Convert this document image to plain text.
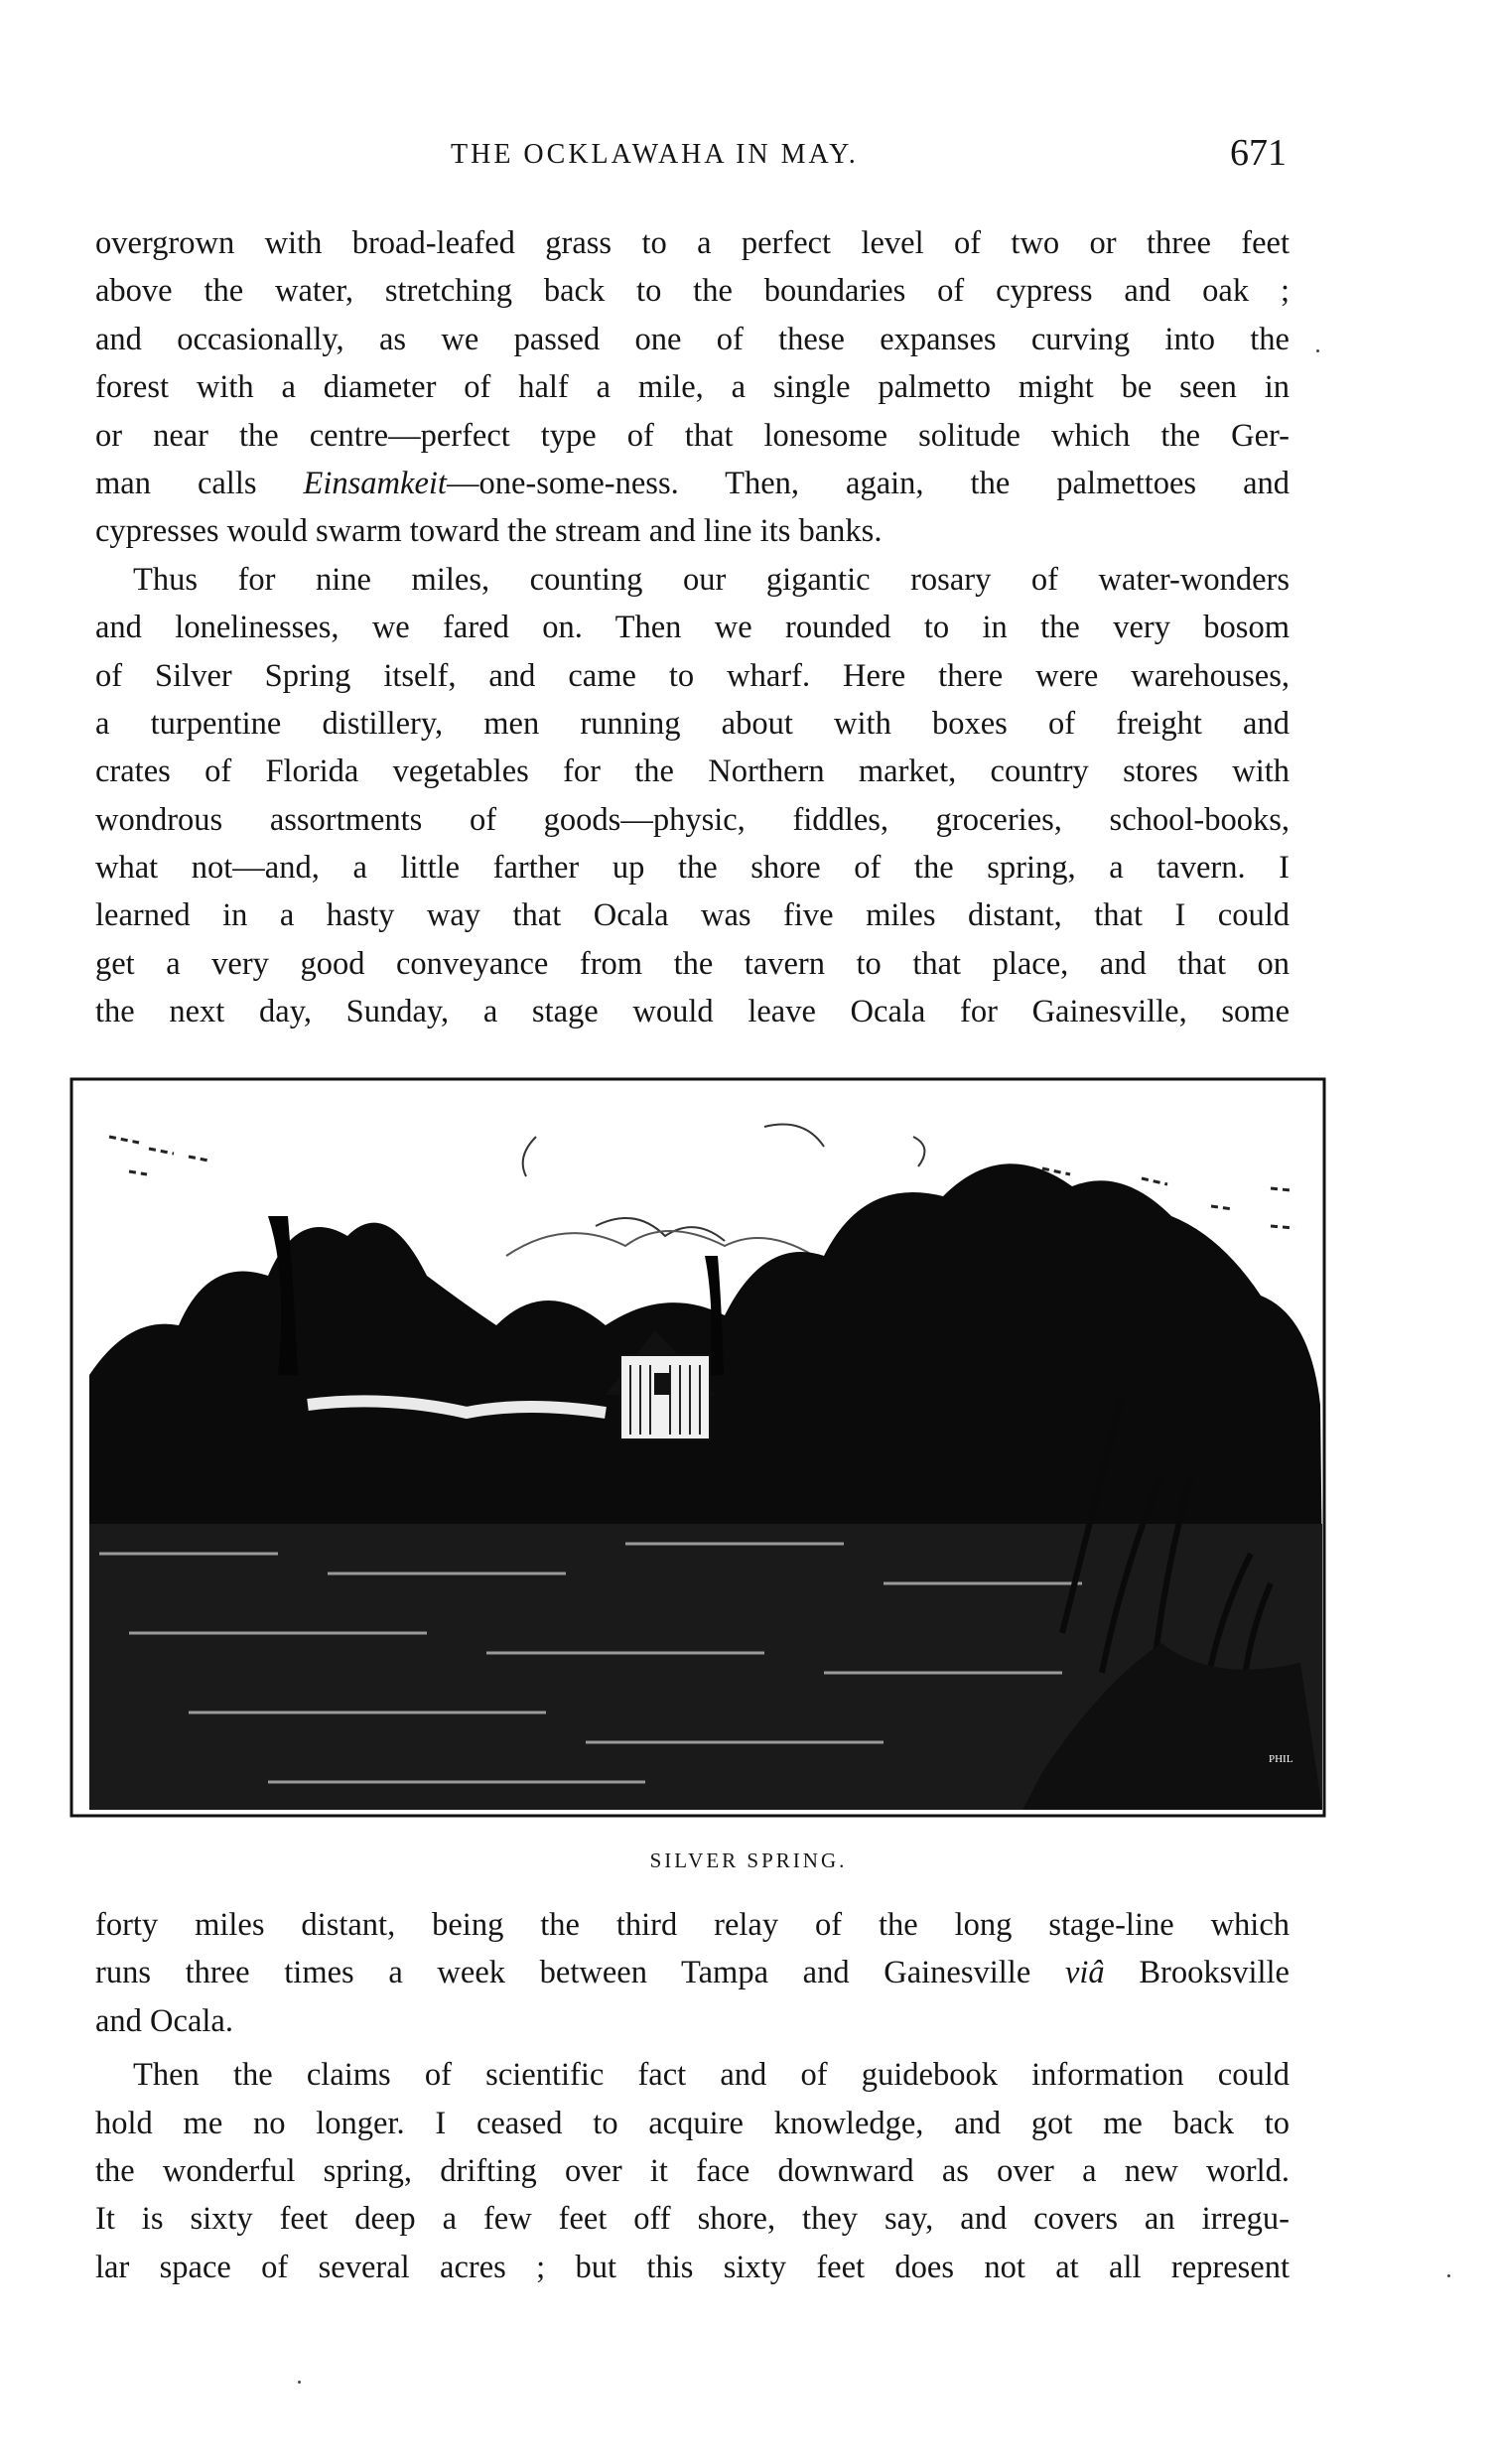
THE OCKLAWAHA IN MAY.	671
overgrown with broad-leafed grass to a perfect level of two or three feet
above the water, stretching back to the boundaries of cypress and oak ;
and occasionally, as we passed one of these expanses curving into the
forest with a diameter of half a mile, a single palmetto might be seen in
or near the centre—perfect type of that lonesome solitude which the Ger-
man calls Einsamkeit—one-some-ness. Then, again, the palmettoes and
cypresses would swarm toward the stream and line its banks.
Thus for nine miles, counting our gigantic rosary of water-wonders
and lonelinesses, we fared on. Then we rounded to in the very bosom
of Silver Spring itself, and came to wharf. Here there were warehouses,
a turpentine distillery, men running about with boxes of freight and
crates of Florida vegetables for the Northern market, country stores with
wondrous assortments of goods—physic, fiddles, groceries, school-books,
what not—and, a little farther up the shore of the spring, a tavern. I
learned in a hasty way that Ocala was five miles distant, that I could
get a very good conveyance from the tavern to that place, and that on
the next day, Sunday, a stage would leave Ocala for Gainesville, some
PHIL
SILVER SPRING.
forty miles distant, being the third relay of the long stage-line which
runs three times a week between Tampa and Gainesville viâ Brooksville
and Ocala.
Then the claims of scientific fact and of guidebook information could
hold me no longer. I ceased to acquire knowledge, and got me back to
the wonderful spring, drifting over it face downward as over a new world.
It is sixty feet deep a few feet off shore, they say, and covers an irregu-
lar space of several acres ; but this sixty feet does not at all represent
